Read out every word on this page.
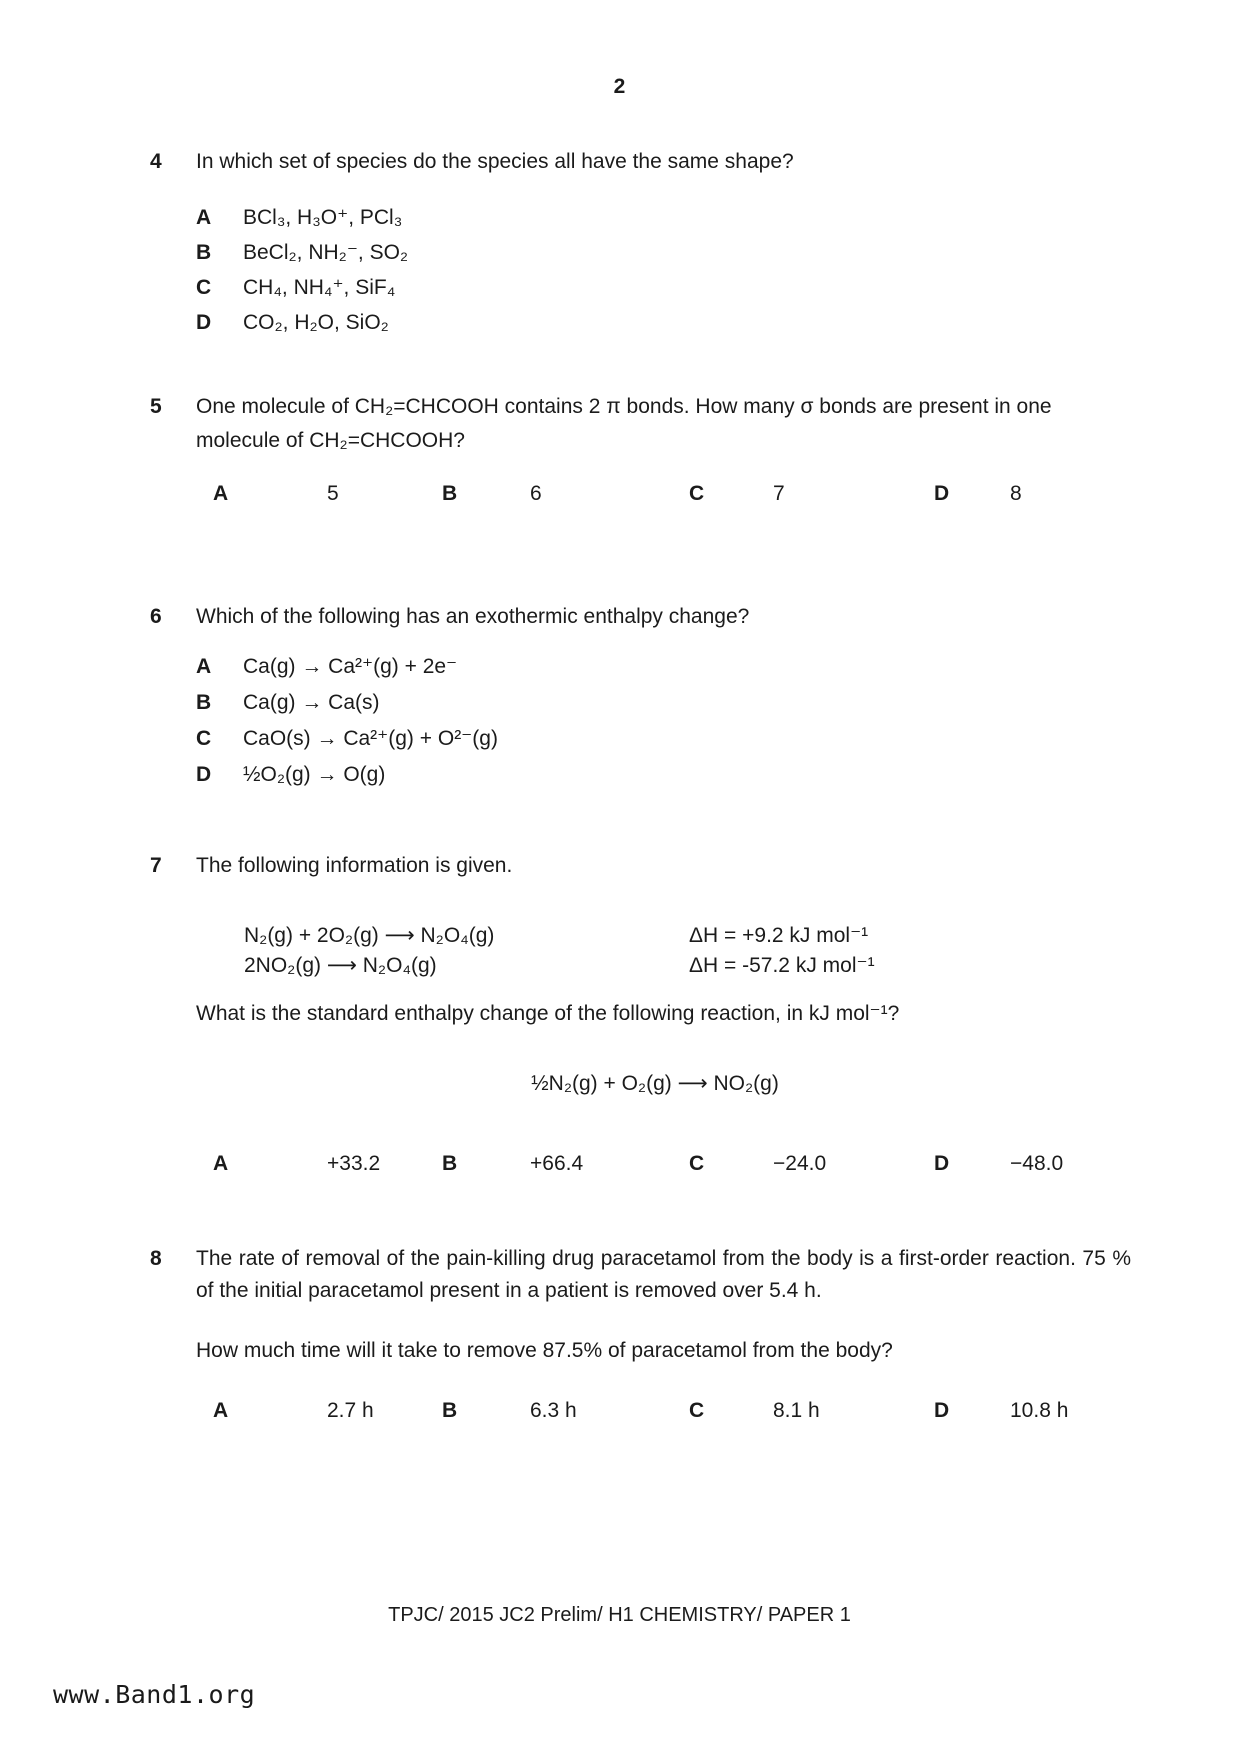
2
4	In which set of species do the species all have the same shape?
A	BCl₃, H₃O⁺, PCl₃
B	BeCl₂, NH₂⁻, SO₂
C	CH₄, NH₄⁺, SiF₄
D	CO₂, H₂O, SiO₂
5	One molecule of CH₂=CHCOOH contains 2 π bonds. How many σ bonds are present in one molecule of CH₂=CHCOOH?
A	5	B	6	C	7	D	8
6	Which of the following has an exothermic enthalpy change?
A	Ca(g) → Ca²⁺(g) + 2e⁻
B	Ca(g) → Ca(s)
C	CaO(s) → Ca²⁺(g) + O²⁻(g)
D	½O₂(g) → O(g)
7	The following information is given.
N₂(g) + 2O₂(g) ⟶ N₂O₄(g)	ΔH = +9.2 kJ mol⁻¹
2NO₂(g) ⟶ N₂O₄(g)	ΔH = -57.2 kJ mol⁻¹
What is the standard enthalpy change of the following reaction, in kJ mol⁻¹?
½N₂(g) + O₂(g) ⟶ NO₂(g)
A	+33.2	B	+66.4	C	−24.0	D	−48.0
8	The rate of removal of the pain-killing drug paracetamol from the body is a first-order reaction. 75 % of the initial paracetamol present in a patient is removed over 5.4 h.
How much time will it take to remove 87.5% of paracetamol from the body?
A	2.7 h	B	6.3 h	C	8.1 h	D	10.8 h
TPJC/ 2015 JC2 Prelim/ H1 CHEMISTRY/ PAPER 1
www.Band1.org
